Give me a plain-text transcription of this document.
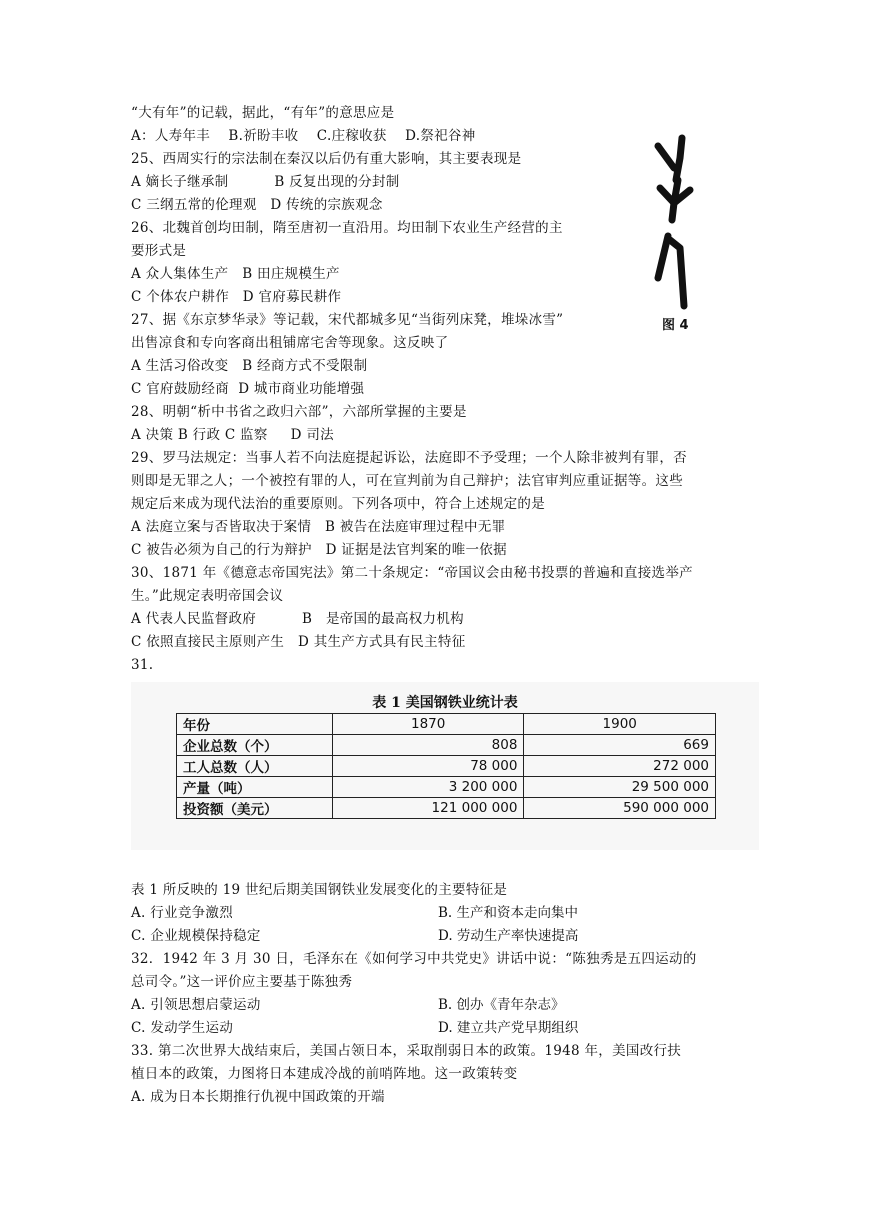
“大有年”的记载，据此，“有年”的意思应是
A：人寿年丰    B.祈盼丰收    C.庄稼收获    D.祭祀谷神
25、西周实行的宗法制在秦汉以后仍有重大影响，其主要表现是
A 嫡长子继承制          B 反复出现的分封制
C 三纲五常的伦理观   D 传统的宗族观念
26、北魏首创均田制，隋至唐初一直沿用。均田制下农业生产经营的主
要形式是
A 众人集体生产   B 田庄规模生产
C 个体农户耕作   D 官府募民耕作
27、据《东京梦华录》等记载，宋代都城多见“当街列床凳，堆垛冰雪”
出售凉食和专向客商出租铺席宅舍等现象。这反映了
A 生活习俗改变   B 经商方式不受限制
C 官府鼓励经商  D 城市商业功能增强
28、明朝“析中书省之政归六部”，六部所掌握的主要是
A 决策 B 行政 C 监察     D 司法
29、罗马法规定：当事人若不向法庭提起诉讼，法庭即不予受理；一个人除非被判有罪，否
则即是无罪之人；一个被控有罪的人，可在宣判前为自己辩护；法官审判应重证据等。这些
规定后来成为现代法治的重要原则。下列各项中，符合上述规定的是
A 法庭立案与否皆取决于案情   B 被告在法庭审理过程中无罪
C 被告必须为自己的行为辩护   D 证据是法官判案的唯一依据
30、1871 年《德意志帝国宪法》第二十条规定：“帝国议会由秘书投票的普遍和直接选举产
生。”此规定表明帝国会议
A 代表人民监督政府          B   是帝国的最高权力机构
C 依照直接民主原则产生   D 其生产方式具有民主特征
31.
图 4
表 1 美国钢铁业统计表
年份	1870	1900
企业总数（个）	808	669
工人总数（人）	78 000	272 000
产量（吨）	3 200 000	29 500 000
投资额（美元）	121 000 000	590 000 000
表 1 所反映的 19 世纪后期美国钢铁业发展变化的主要特征是
A. 行业竞争激烈	B. 生产和资本走向集中
C. 企业规模保持稳定	D. 劳动生产率快速提高
32．1942 年 3 月 30 日，毛泽东在《如何学习中共党史》讲话中说：“陈独秀是五四运动的
总司令。”这一评价应主要基于陈独秀
A. 引领思想启蒙运动	B. 创办《青年杂志》
C. 发动学生运动	D. 建立共产党早期组织
33. 第二次世界大战结束后，美国占领日本，采取削弱日本的政策。1948 年，美国改行扶
植日本的政策，力图将日本建成冷战的前哨阵地。这一政策转变
A. 成为日本长期推行仇视中国政策的开端
